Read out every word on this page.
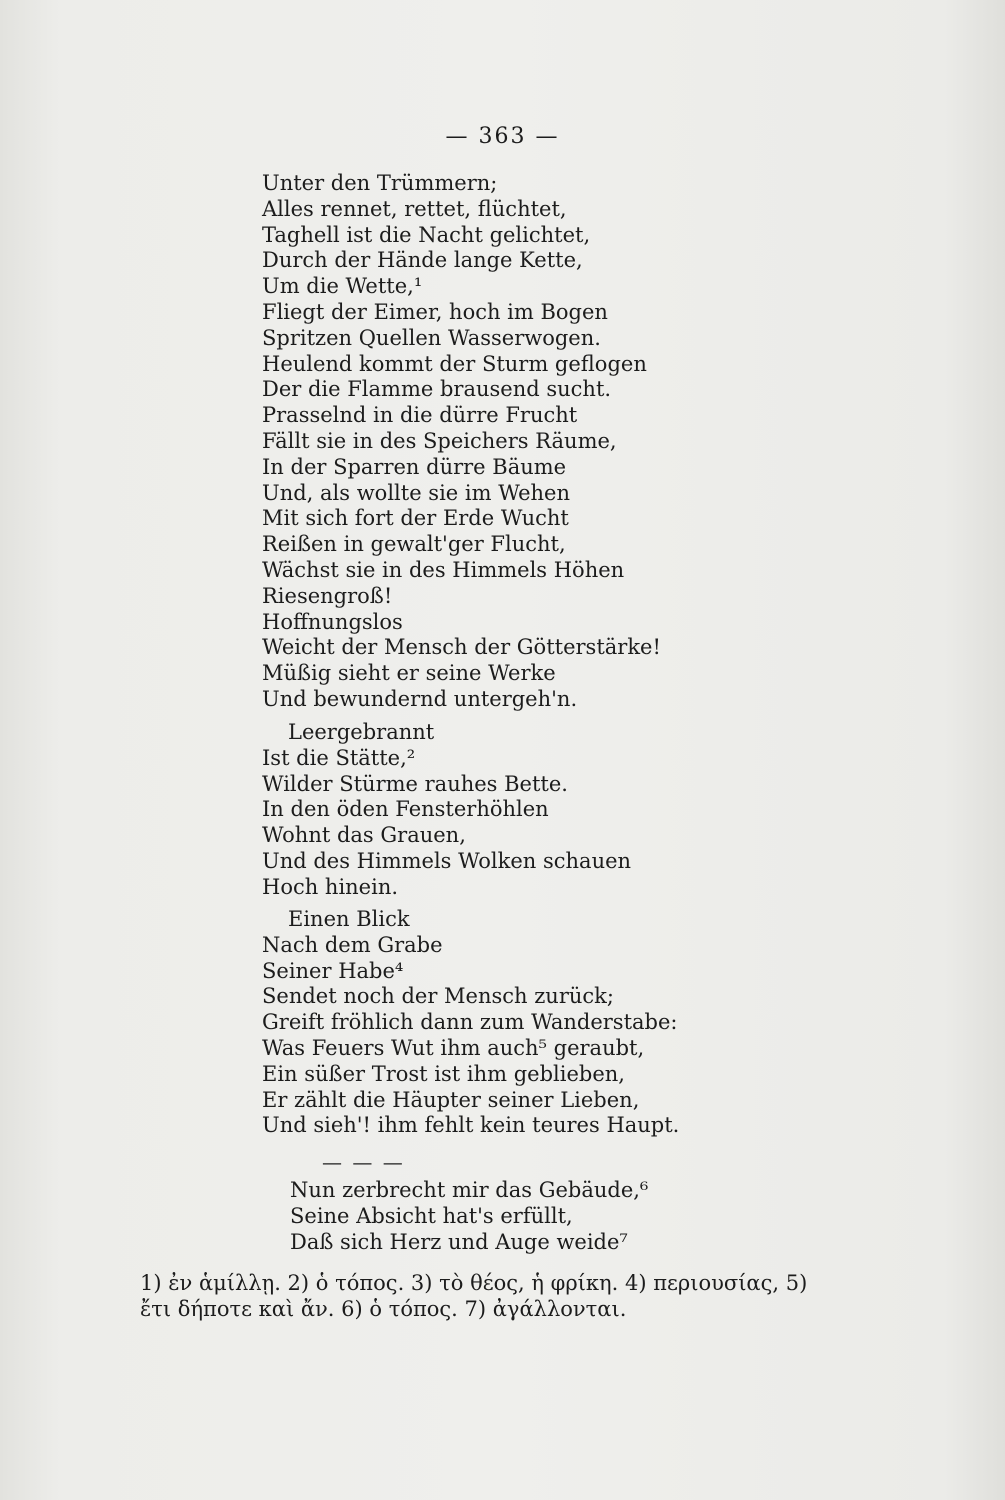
— 363 —
Unter den Trümmern;
Alles rennet, rettet, flüchtet,
Taghell ist die Nacht gelichtet,
Durch der Hände lange Kette,
Um die Wette,¹
Fliegt der Eimer, hoch im Bogen
Spritzen Quellen Wasserwogen.
Heulend kommt der Sturm geflogen
Der die Flamme brausend sucht.
Prasselnd in die dürre Frucht
Fällt sie in des Speichers Räume,
In der Sparren dürre Bäume
Und, als wollte sie im Wehen
Mit sich fort der Erde Wucht
Reißen in gewalt'ger Flucht,
Wächst sie in des Himmels Höhen
Riesengroß!
Hoffnungslos
Weicht der Mensch der Götterstärke!
Müßig sieht er seine Werke
Und bewundernd untergeh'n.
Leergebrannt
Ist die Stätte,²
Wilder Stürme rauhes Bette.
In den öden Fensterhöhlen
Wohnt das Grauen,
Und des Himmels Wolken schauen
Hoch hinein.
Einen Blick
Nach dem Grabe
Seiner Habe⁴
Sendet noch der Mensch zurück;
Greift fröhlich dann zum Wanderstabe:
Was Feuers Wut ihm auch⁵ geraubt,
Ein süßer Trost ist ihm geblieben,
Er zählt die Häupter seiner Lieben,
Und sieh'! ihm fehlt kein teures Haupt.
— — —
Nun zerbrecht mir das Gebäude,⁶
Seine Absicht hat's erfüllt,
Daß sich Herz und Auge weide⁷
1) ἐν ἁμίλλῃ. 2) ὁ τόπος. 3) τὸ θέος, ἡ φρίκη. 4) περιουσίας, 5)
ἔτι δήποτε καὶ ἄν. 6) ὁ τόπος. 7) ἀγάλλονται.
